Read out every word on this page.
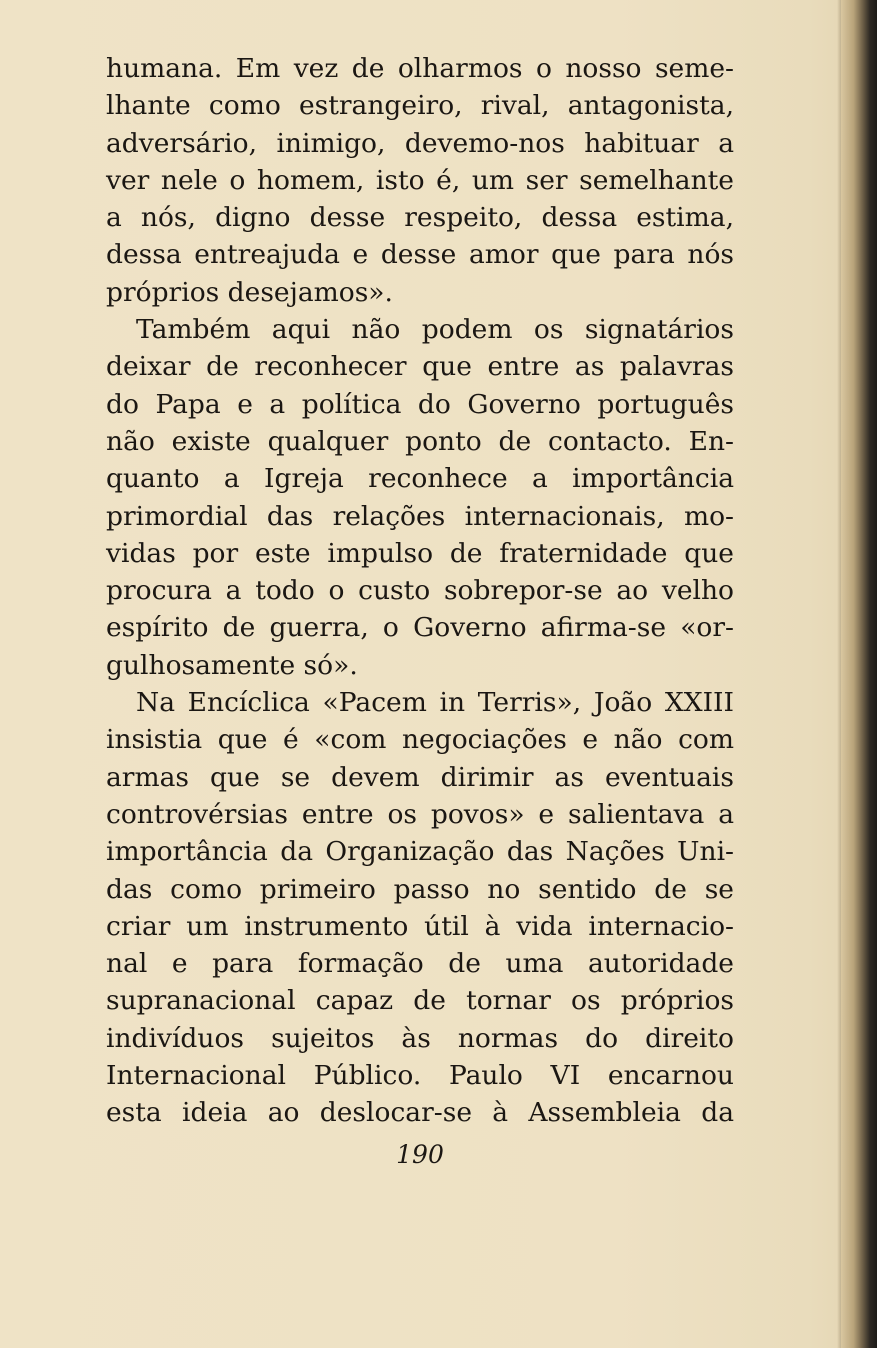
humana. Em vez de olharmos o nosso seme-
lhante como estrangeiro, rival, antagonista,
adversário, inimigo, devemo-nos habituar a
ver nele o homem, isto é, um ser semelhante
a nós, digno desse respeito, dessa estima,
dessa entreajuda e desse amor que para nós
próprios desejamos».
Também aqui não podem os signatários
deixar de reconhecer que entre as palavras
do Papa e a política do Governo português
não existe qualquer ponto de contacto. En-
quanto a Igreja reconhece a importância
primordial das relações internacionais, mo-
vidas por este impulso de fraternidade que
procura a todo o custo sobrepor-se ao velho
espírito de guerra, o Governo afirma-se «or-
gulhosamente só».
Na Encíclica «Pacem in Terris», João XXIII
insistia que é «com negociações e não com
armas que se devem dirimir as eventuais
controvérsias entre os povos» e salientava a
importância da Organização das Nações Uni-
das como primeiro passo no sentido de se
criar um instrumento útil à vida internacio-
nal e para formação de uma autoridade
supranacional capaz de tornar os próprios
indivíduos sujeitos às normas do direito
Internacional Público. Paulo VI encarnou
esta ideia ao deslocar-se à Assembleia da
190
